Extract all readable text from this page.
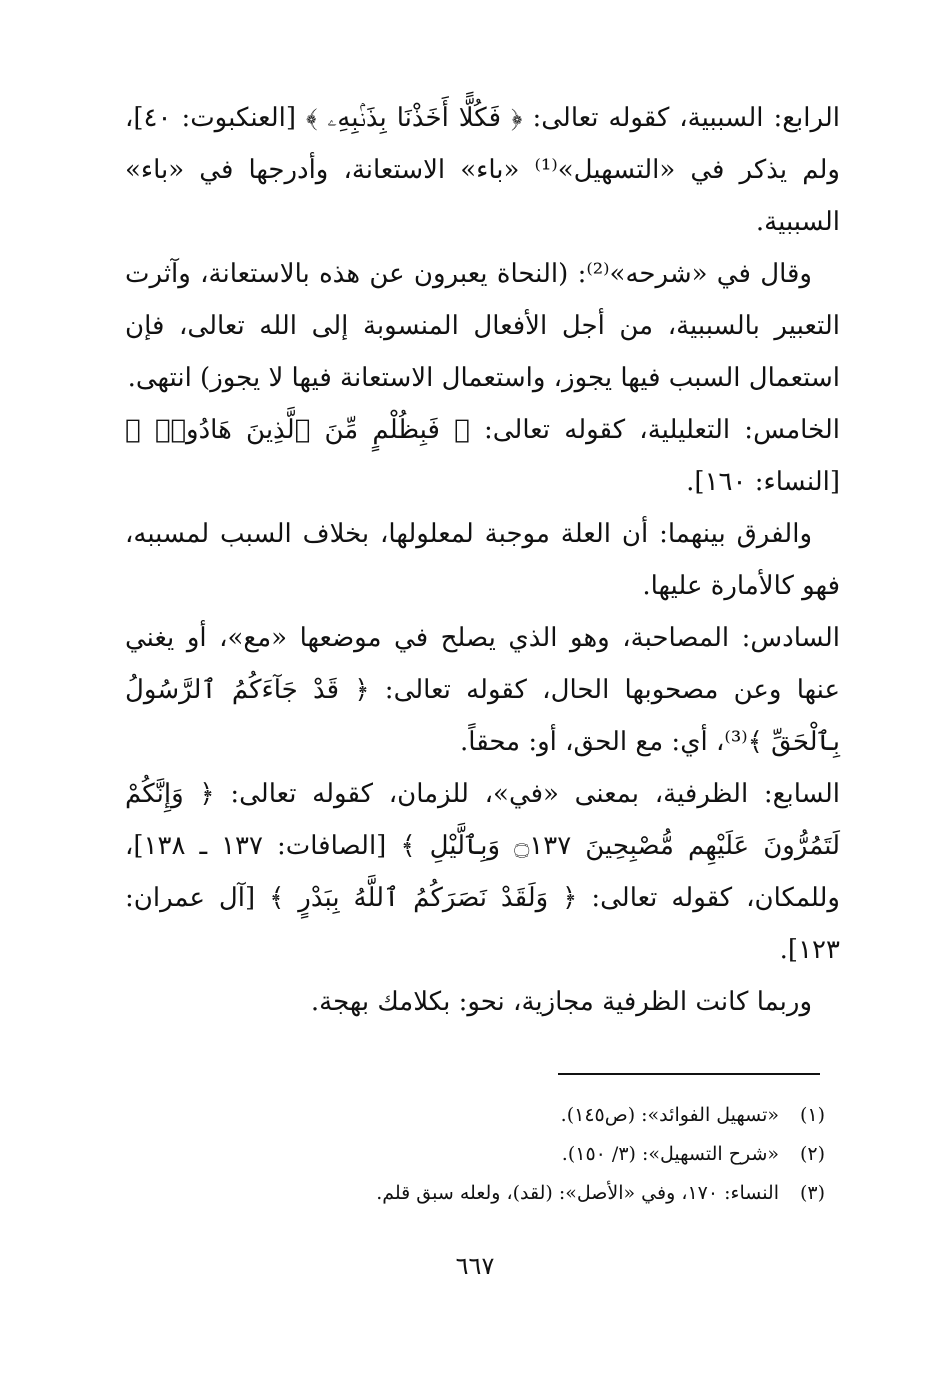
الرابع: السببية، كقوله تعالى: ﴿ فَكُلًّا أَخَذْنَا بِذَنۢبِهِۦ ﴾ [العنكبوت: ٤٠]، ولم يذكر في «التسهيل»⁽¹⁾ «باء» الاستعانة، وأدرجها في «باء» السببية.

وقال في «شرحه»⁽²⁾: (النحاة يعبرون عن هذه بالاستعانة، وآثرت التعبير بالسببية، من أجل الأفعال المنسوبة إلى الله تعالى، فإن استعمال السبب فيها يجوز، واستعمال الاستعانة فيها لا يجوز) انتهى.

الخامس: التعليلية، كقوله تعالى: ﴿ فَبِظُلْمٍ مِّنَ ٱلَّذِينَ هَادُوا۟ ﴾ [النساء: ١٦٠].

والفرق بينهما: أن العلة موجبة لمعلولها، بخلاف السبب لمسببه، فهو كالأمارة عليها.

السادس: المصاحبة، وهو الذي يصلح في موضعها «مع»، أو يغني عنها وعن مصحوبها الحال، كقوله تعالى: ﴿ قَدْ جَآءَكُمُ ٱلرَّسُولُ بِٱلْحَقِّ ﴾⁽³⁾، أي: مع الحق، أو: محقاً.

السابع: الظرفية، بمعنى «في»، للزمان، كقوله تعالى: ﴿ وَإِنَّكُمْ لَتَمُرُّونَ عَلَيْهِم مُّصْبِحِينَ ۝١٣٧ وَبِٱلَّيْلِ ﴾ [الصافات: ١٣٧ ـ ١٣٨]، وللمكان، كقوله تعالى: ﴿ وَلَقَدْ نَصَرَكُمُ ٱللَّهُ بِبَدْرٍ ﴾ [آل عمران: ١٢٣].

وربما كانت الظرفية مجازية، نحو: بكلامك بهجة.

(١)
«تسهيل الفوائد»: (ص١٤٥).
(٢)
«شرح التسهيل»: (٣/ ١٥٠).
(٣)
النساء: ١٧٠، وفي «الأصل»: (لقد)، ولعله سبق قلم.
٦٦٧
